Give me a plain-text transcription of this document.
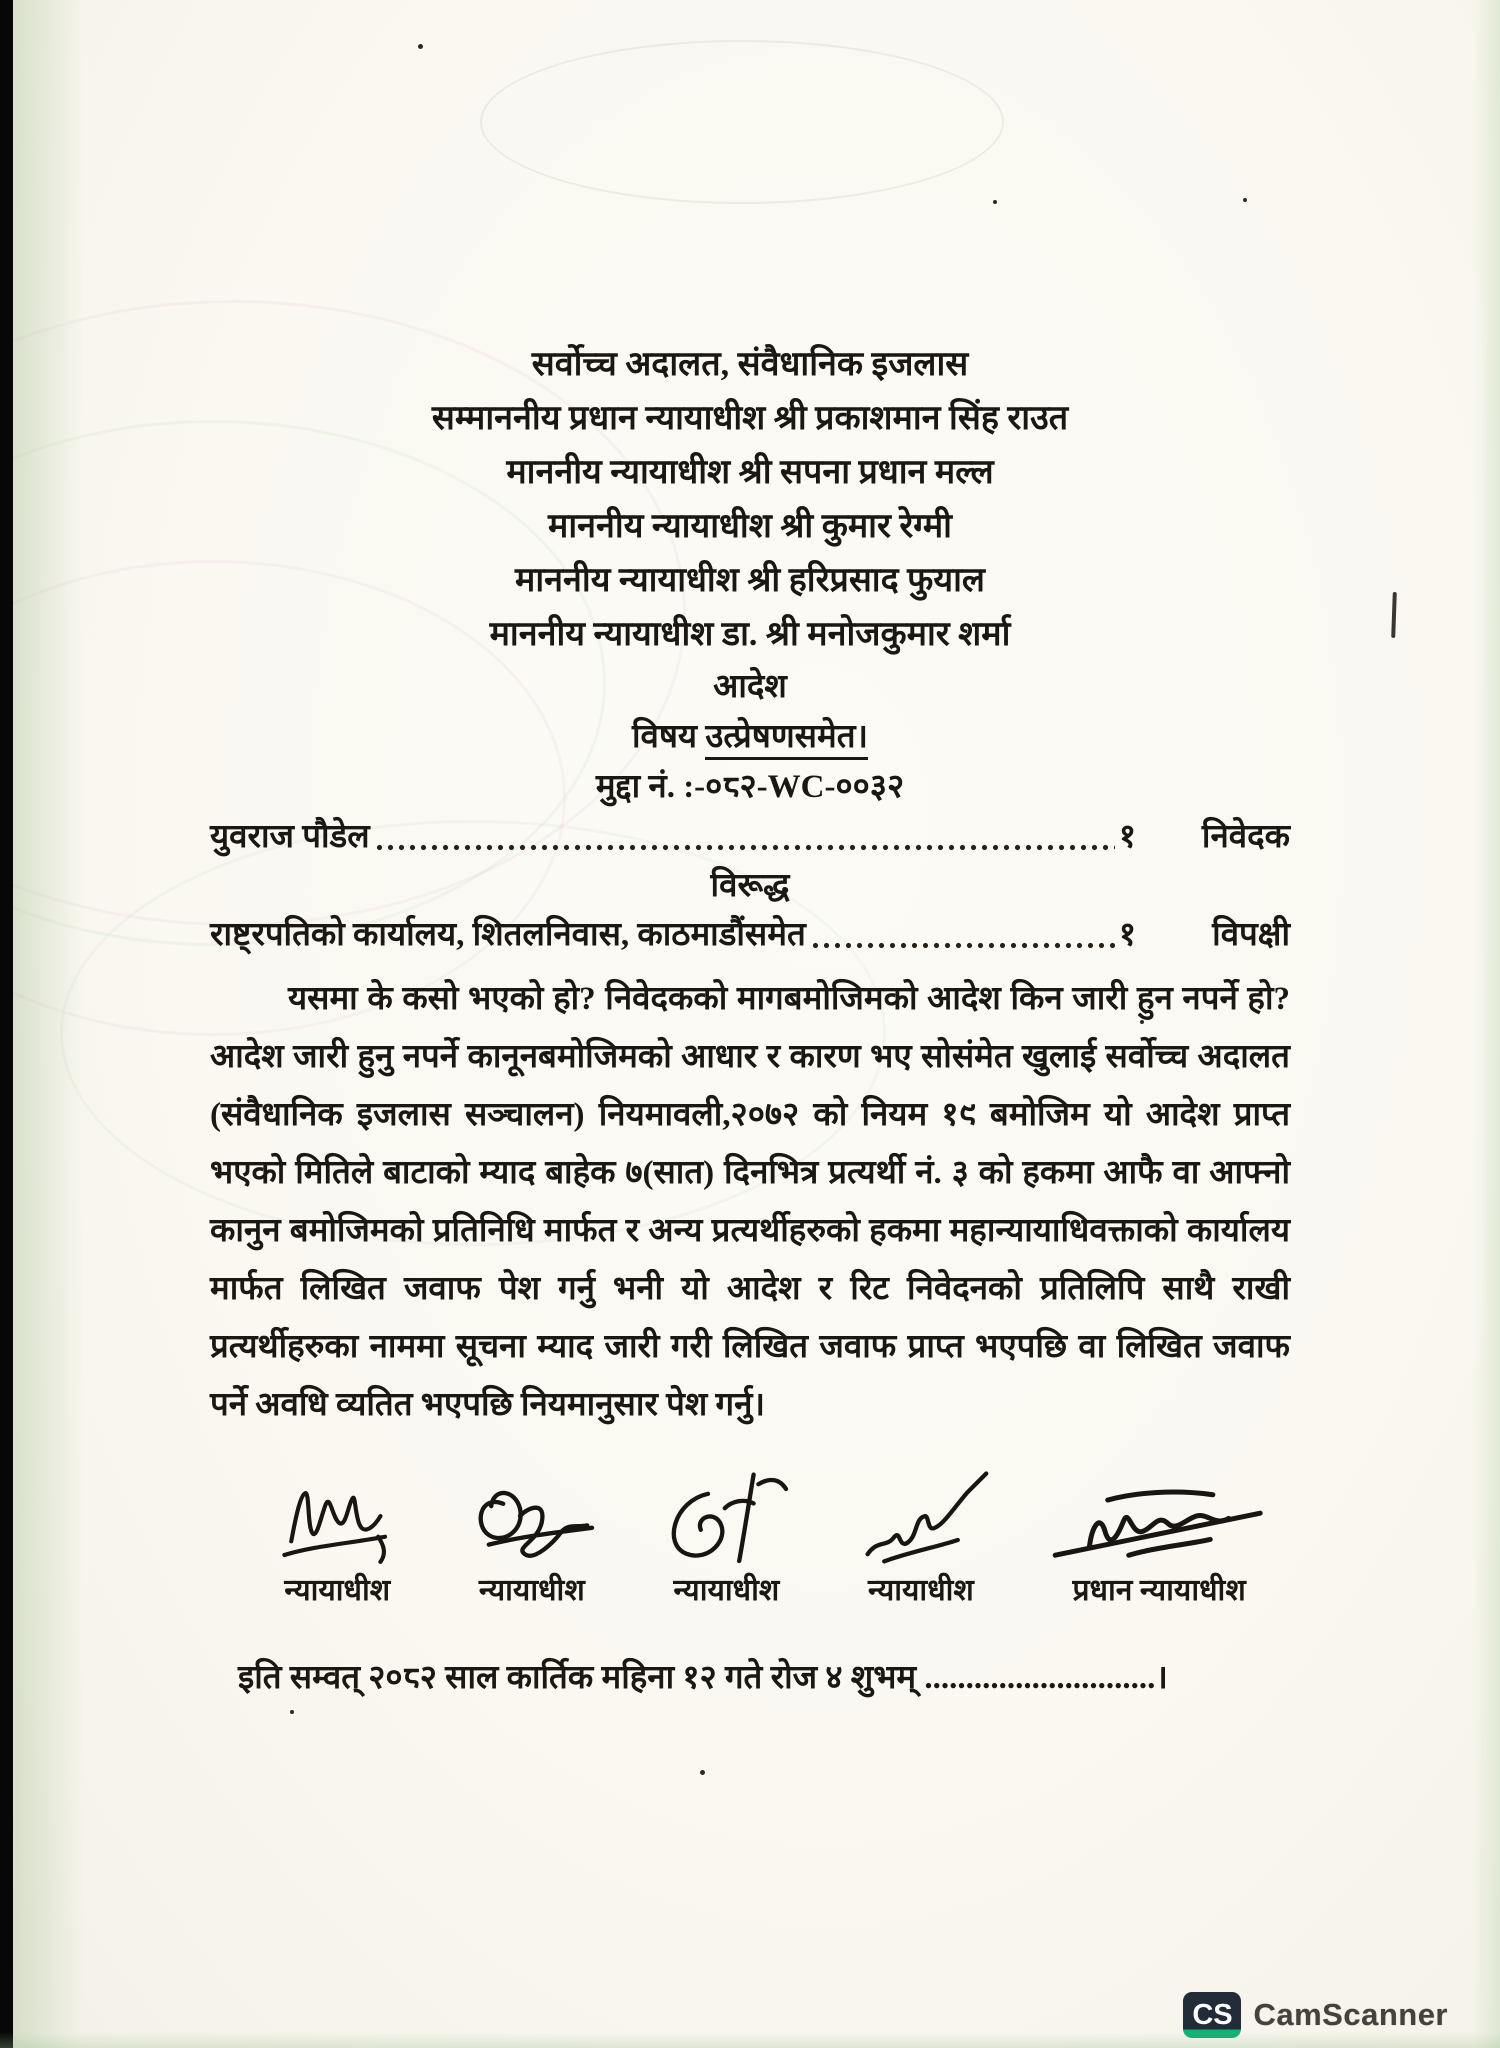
सर्वोच्च अदालत, संवैधानिक इजलास
सम्माननीय प्रधान न्यायाधीश श्री प्रकाशमान सिंह राउत
माननीय न्यायाधीश श्री सपना प्रधान मल्ल
माननीय न्यायाधीश श्री कुमार रेग्मी
माननीय न्यायाधीश श्री हरिप्रसाद फुयाल
माननीय न्यायाधीश डा. श्री मनोजकुमार शर्मा
आदेश
विषय उत्प्रेषणसमेत।
मुद्दा नं. :-०८२-WC-००३२
युवराज पौडेल	१	निवेदक
विरूद्ध
राष्ट्रपतिको कार्यालय, शितलनिवास, काठमाडौंसमेत	१	विपक्षी

यसमा के कसो भएको हो? निवेदकको मागबमोजिमको आदेश किन जारी हुन नपर्ने हो? आदेश जारी हुनु नपर्ने कानूनबमोजिमको आधार र कारण भए सोसंमेत खुलाई सर्वोच्च अदालत (संवैधानिक इजलास सञ्चालन) नियमावली,२०७२ को नियम १९ बमोजिम यो आदेश प्राप्त भएको मितिले बाटाको म्याद बाहेक ७(सात) दिनभित्र प्रत्यर्थी नं. ३ को हकमा आफै वा आफ्नो कानुन बमोजिमको प्रतिनिधि मार्फत र अन्य प्रत्यर्थीहरुको हकमा महान्यायाधिवक्ताको कार्यालय मार्फत लिखित जवाफ पेश गर्नु भनी यो आदेश र रिट निवेदनको प्रतिलिपि साथै राखी प्रत्यर्थीहरुका नाममा सूचना म्याद जारी गरी लिखित जवाफ प्राप्त भएपछि वा लिखित जवाफ पर्ने अवधि व्यतित भएपछि नियमानुसार पेश गर्नु।

न्यायाधीश	न्यायाधीश	न्यायाधीश	न्यायाधीश	प्रधान न्यायाधीश
इति सम्वत् २०८२ साल कार्तिक महिना १२ गते रोज ४ शुभम् ............................।
CS CamScanner
